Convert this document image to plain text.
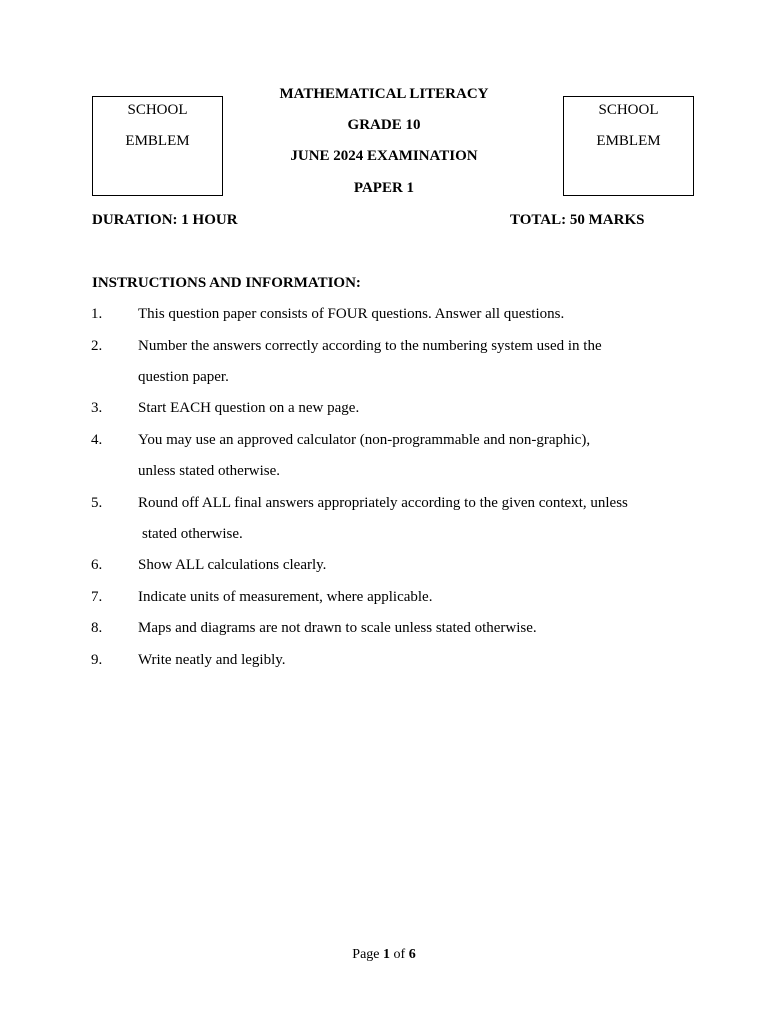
SCHOOL
EMBLEM
SCHOOL
EMBLEM
MATHEMATICAL LITERACY
GRADE 10
JUNE 2024 EXAMINATION
PAPER 1
DURATION: 1 HOUR	TOTAL: 50 MARKS
INSTRUCTIONS AND INFORMATION:
1. This question paper consists of FOUR questions. Answer all questions.
2. Number the answers correctly according to the numbering system used in the
question paper.
3. Start EACH question on a new page.
4. You may use an approved calculator (non-programmable and non-graphic),
unless stated otherwise.
5. Round off ALL final answers appropriately according to the given context, unless
stated otherwise.
6. Show ALL calculations clearly.
7. Indicate units of measurement, where applicable.
8. Maps and diagrams are not drawn to scale unless stated otherwise.
9. Write neatly and legibly.
Page 1 of 6
